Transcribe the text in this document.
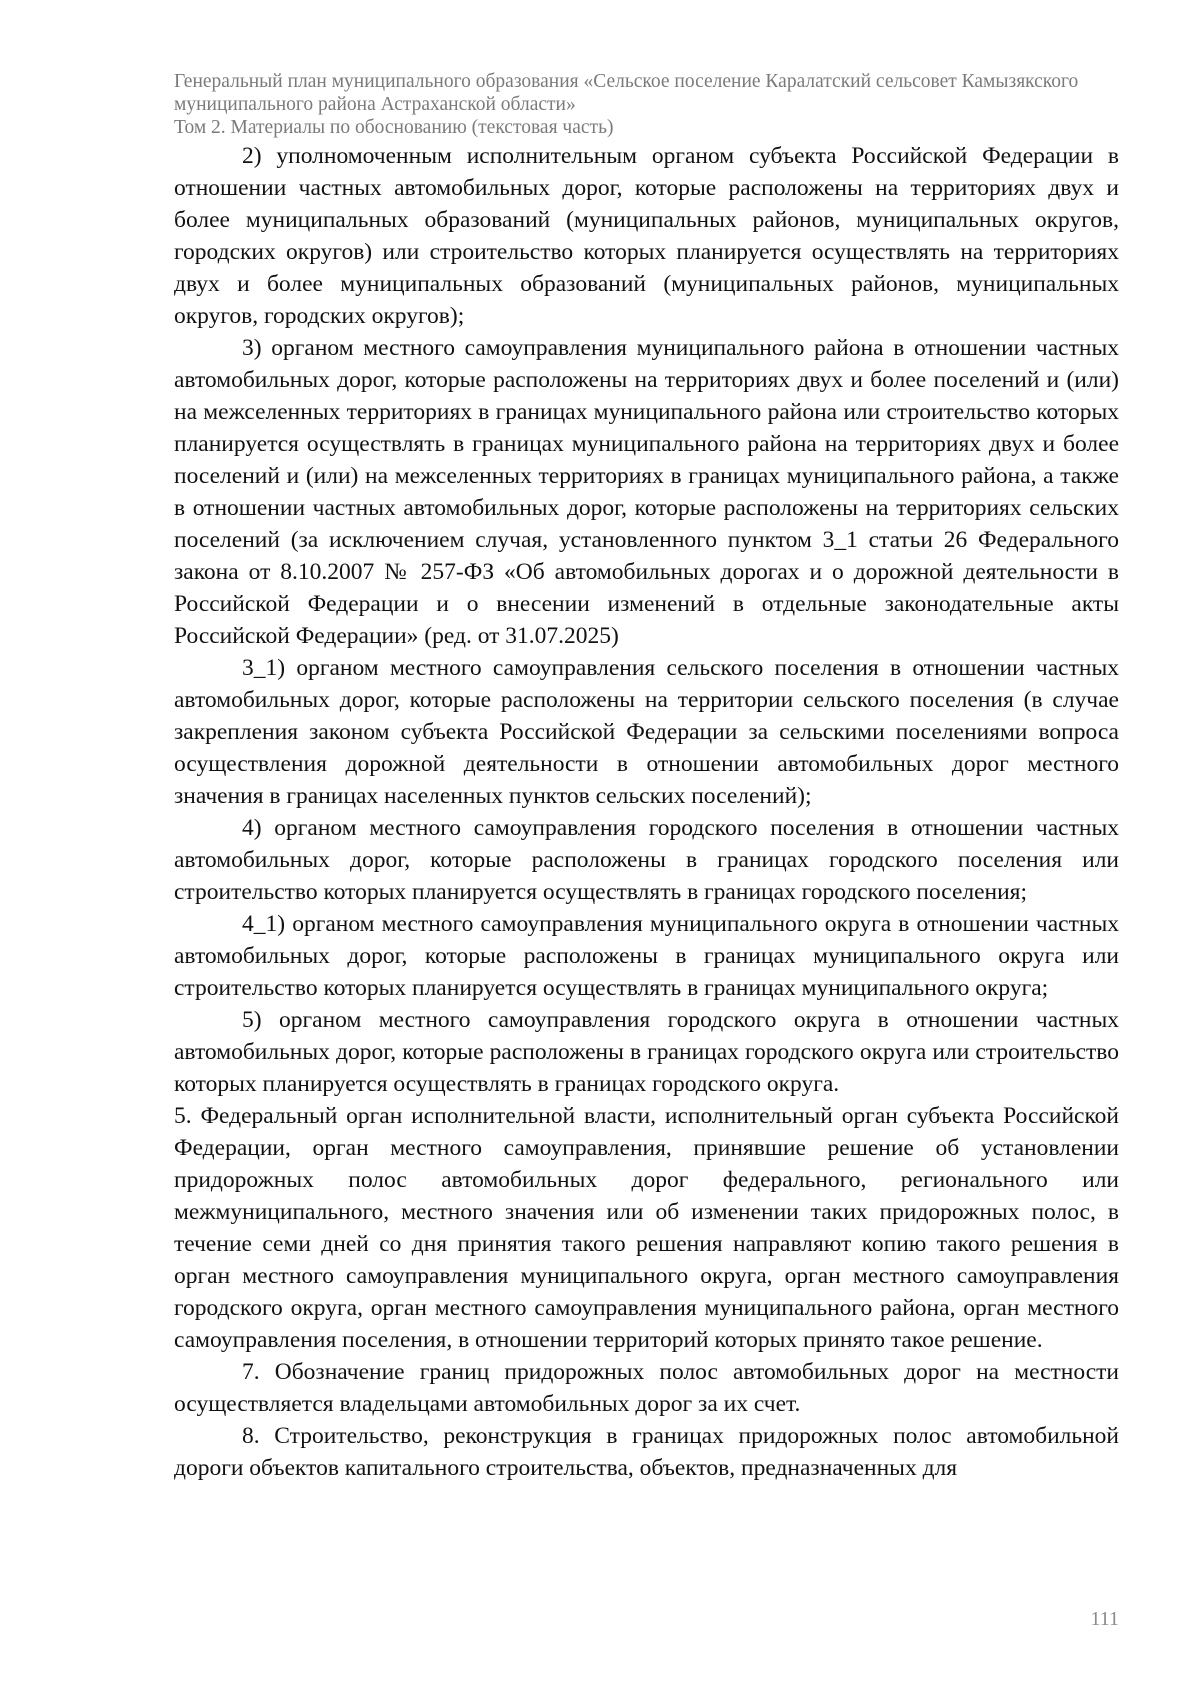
Генеральный план муниципального образования «Сельское поселение Каралатский сельсовет Камызякского
муниципального района Астраханской области»
Том 2. Материалы по обоснованию (текстовая часть)

2) уполномоченным исполнительным органом субъекта Российской Федерации в отношении частных автомобильных дорог, которые расположены на территориях двух и более муниципальных образований (муниципальных районов, муниципальных округов, городских округов) или строительство которых планируется осуществлять на территориях двух и более муниципальных образований (муниципальных районов, муниципальных округов, городских округов);

3) органом местного самоуправления муниципального района в отношении частных автомобильных дорог, которые расположены на территориях двух и более поселений и (или) на межселенных территориях в границах муниципального района или строительство которых планируется осуществлять в границах муниципального района на территориях двух и более поселений и (или) на межселенных территориях в границах муниципального района, а также в отношении частных автомобильных дорог, которые расположены на территориях сельских поселений (за исключением случая, установленного пунктом 3_1 статьи 26 Федерального закона от 8.10.2007 № 257-ФЗ «Об автомобильных дорогах и о дорожной деятельности в Российской Федерации и о внесении изменений в отдельные законодательные акты Российской Федерации» (ред. от 31.07.2025)

3_1) органом местного самоуправления сельского поселения в отношении частных автомобильных дорог, которые расположены на территории сельского поселения (в случае закрепления законом субъекта Российской Федерации за сельскими поселениями вопроса осуществления дорожной деятельности в отношении автомобильных дорог местного значения в границах населенных пунктов сельских поселений);

4) органом местного самоуправления городского поселения в отношении частных автомобильных дорог, которые расположены в границах городского поселения или строительство которых планируется осуществлять в границах городского поселения;

4_1) органом местного самоуправления муниципального округа в отношении частных автомобильных дорог, которые расположены в границах муниципального округа или строительство которых планируется осуществлять в границах муниципального округа;

5) органом местного самоуправления городского округа в отношении частных автомобильных дорог, которые расположены в границах городского округа или строительство которых планируется осуществлять в границах городского округа.

5. Федеральный орган исполнительной власти, исполнительный орган субъекта Российской Федерации, орган местного самоуправления, принявшие решение об установлении придорожных полос автомобильных дорог федерального, регионального или межмуниципального, местного значения или об изменении таких придорожных полос, в течение семи дней со дня принятия такого решения направляют копию такого решения в орган местного самоуправления муниципального округа, орган местного самоуправления городского округа, орган местного самоуправления муниципального района, орган местного самоуправления поселения, в отношении территорий которых принято такое решение.

7. Обозначение границ придорожных полос автомобильных дорог на местности осуществляется владельцами автомобильных дорог за их счет.

8. Строительство, реконструкция в границах придорожных полос автомобильной дороги объектов капитального строительства, объектов, предназначенных для

111
